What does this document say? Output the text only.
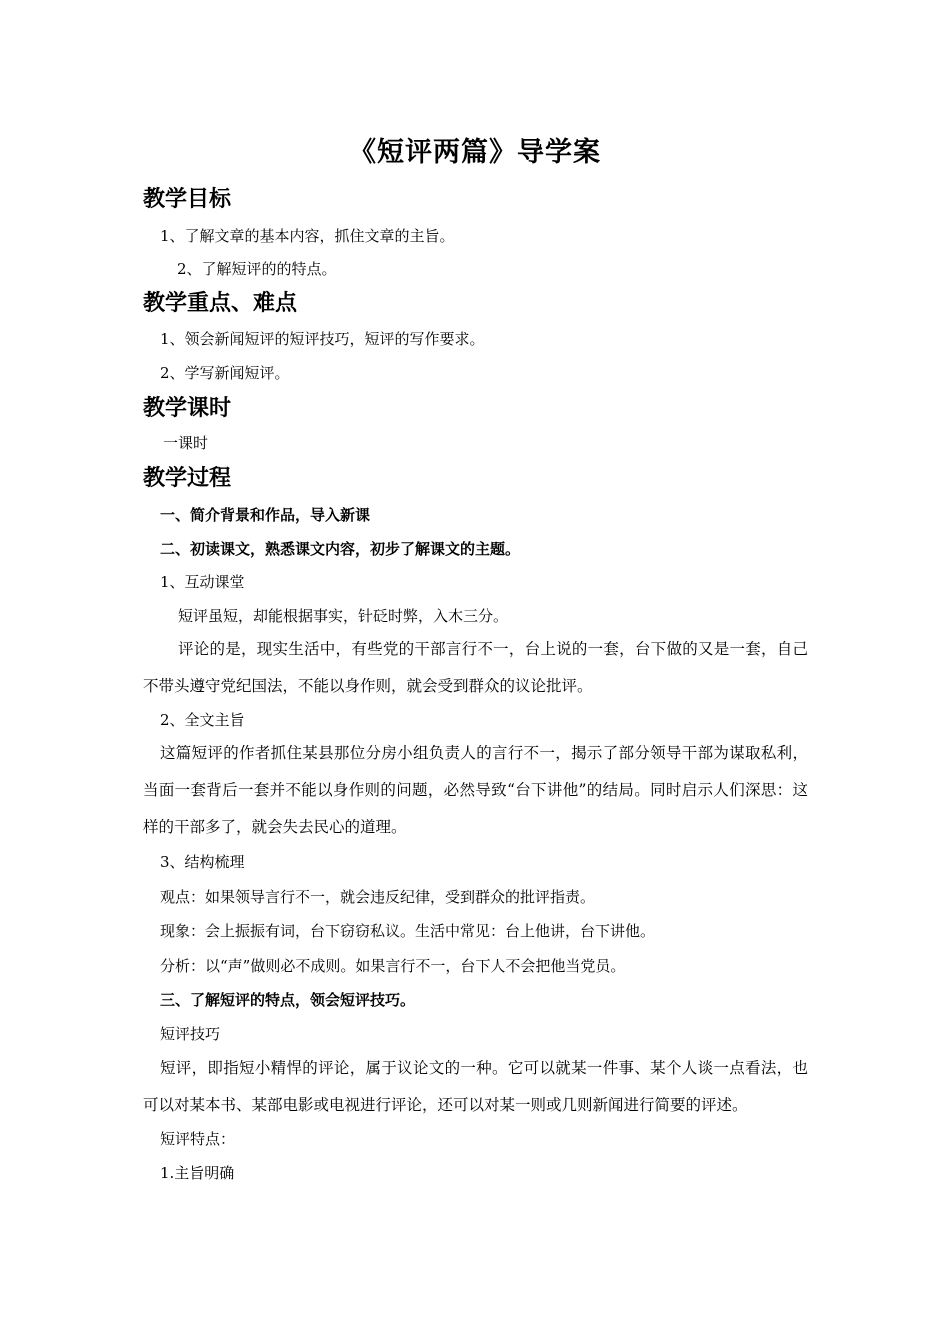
《短评两篇》导学案
教学目标
1、了解文章的基本内容，抓住文章的主旨。
2、了解短评的的特点。
教学重点、难点
1、领会新闻短评的短评技巧，短评的写作要求。
2、学写新闻短评。
教学课时
一课时
教学过程
一、简介背景和作品，导入新课
二、初读课文，熟悉课文内容，初步了解课文的主题。
1、互动课堂
短评虽短，却能根据事实，针砭时弊，入木三分。
评论的是，现实生活中，有些党的干部言行不一，台上说的一套，台下做的又是一套，自己不带头遵守党纪国法，不能以身作则，就会受到群众的议论批评。
2、全文主旨
这篇短评的作者抓住某县那位分房小组负责人的言行不一，揭示了部分领导干部为谋取私利，当面一套背后一套并不能以身作则的问题，必然导致“台下讲他”的结局。同时启示人们深思：这样的干部多了，就会失去民心的道理。
3、结构梳理
观点：如果领导言行不一，就会违反纪律，受到群众的批评指责。
现象：会上振振有词，台下窃窃私议。生活中常见：台上他讲，台下讲他。
分析：以“声”做则必不成则。如果言行不一，台下人不会把他当党员。
三、了解短评的特点，领会短评技巧。
短评技巧
短评，即指短小精悍的评论，属于议论文的一种。它可以就某一件事、某个人谈一点看法，也可以对某本书、某部电影或电视进行评论，还可以对某一则或几则新闻进行简要的评述。
短评特点：
1.主旨明确
